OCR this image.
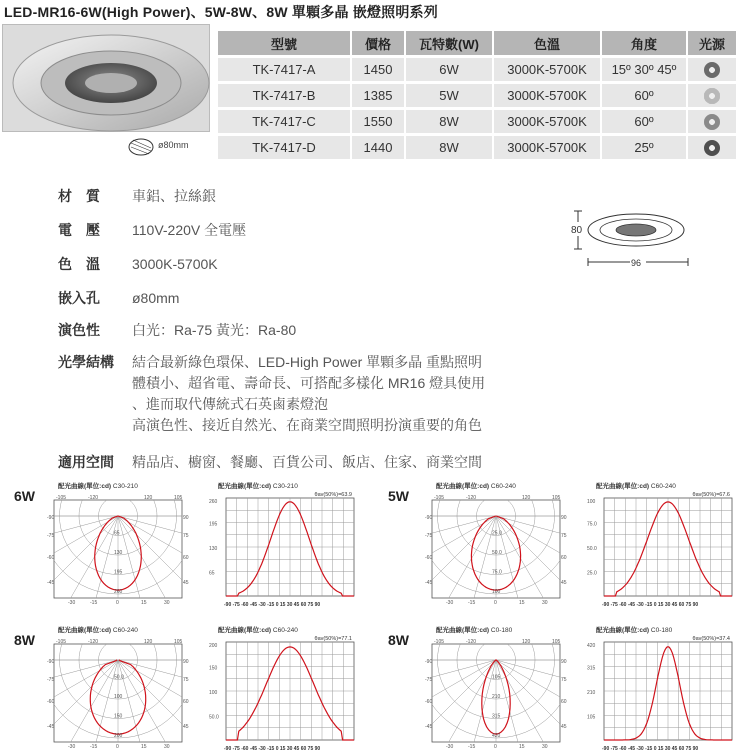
LED-MR16-6W(High Power)、5W-8W、8W 單顆多晶 嵌燈照明系列
ø80mm
型號	價格	瓦特數(W)	色溫	角度	光源
TK-7417-A	1450	6W	3000K-5700K	15º 30º 45º	
TK-7417-B	1385	5W	3000K-5700K	60º	
TK-7417-C	1550	8W	3000K-5700K	60º	
TK-7417-D	1440	8W	3000K-5700K	25º	
材　質	車鋁、拉絲銀
電　壓	110V-220V 全電壓
色　溫	3000K-5700K
嵌入孔	ø80mm
演色性	白光：Ra-75 黃光：Ra-80
光學結構	結合最新綠色環保、LED-High Power 單顆多晶 重點照明
體積小、超省電、壽命長、可搭配多樣化 MR16 燈具使用
、進而取代傳統式石英鹵素燈泡
高演色性、接近自然光、在商業空間照明扮演重要的角色
適用空間	精品店、櫥窗、餐廳、百貨公司、飯店、住家、商業空間
80
96
6W
配光曲線(單位:cd) C30-210
65
130
195
260
-105	-120	120	105
-90
-75
-60
-45
90
75
60
45
-30	-15	0	15	30
配光曲線(單位:cd) C30-210
260
195
130
65
-90 -75 -60 -45 -30 -15 0 15 30 45 60 75 90
θav(50%)=63.9	5W
配光曲線(單位:cd) C60-240
25.0
50.0
75.0
100
-105	-120	120	105
-90
-75
-60
-45
90
75
60
45
-30	-15	0	15	30
配光曲線(單位:cd) C60-240
100
75.0
50.0
25.0
-90 -75 -60 -45 -30 -15 0 15 30 45 60 75 90
θav(50%)=67.6
8W
配光曲線(單位:cd) C60-240
50.0
100
150
200
-105	-120	120	105
-90
-75
-60
-45
90
75
60
45
-30	-15	0	15	30
配光曲線(單位:cd) C60-240
200
150
100
50.0
-90 -75 -60 -45 -30 -15 0 15 30 45 60 75 90
θav(50%)=77.1	8W
配光曲線(單位:cd) C0-180
105
210
315
420
-105	-120	120	105
-90
-75
-60
-45
90
75
60
45
-30	-15	0	15	30
配光曲線(單位:cd) C0-180
420
315
210
105
-90 -75 -60 -45 -30 -15 0 15 30 45 60 75 90
θav(50%)=37.4
